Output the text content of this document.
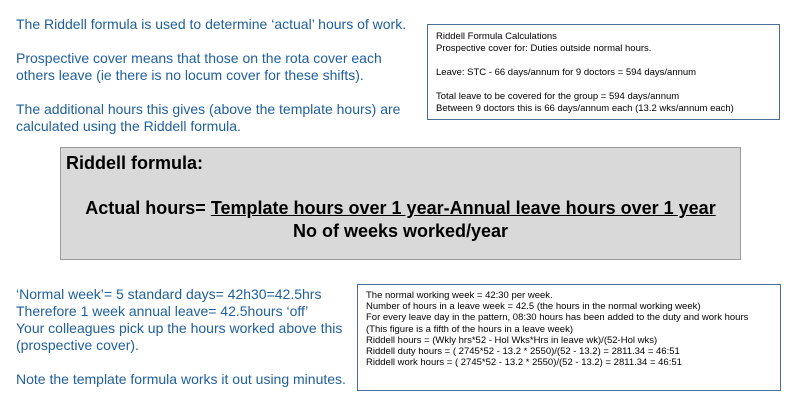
The Riddell formula is used to determine ‘actual’ hours of work.

Prospective cover means that those on the rota cover each others leave (ie there is no locum cover for these shifts).

The additional hours this gives (above the template hours) are calculated using the Riddell formula.

Riddell Formula Calculations
Prospective cover for: Duties outside normal hours.
Leave: STC - 66 days/annum for 9 doctors = 594 days/annum
Total leave to be covered for the group = 594 days/annum
Between 9 doctors this is 66 days/annum each (13.2 wks/annum each)
Riddell formula:
Actual hours= Template hours over 1 year-Annual leave hours over 1 year
No of weeks worked/year
‘Normal week’= 5 standard days= 42h30=42.5hrs
Therefore 1 week annual leave= 42.5hours ‘off’
Your colleagues pick up the hours worked above this (prospective cover).
Note the template formula works it out using minutes.
The normal working week = 42:30 per week.
Number of hours in a leave week = 42.5 (the hours in the normal working week)
For every leave day in the pattern, 08:30 hours has been added to the duty and work hours
(This figure is a fifth of the hours in a leave week)
Riddell hours = (Wkly hrs*52 - Hol Wks*Hrs in leave wk)/(52-Hol wks)
Riddell duty hours = ( 2745*52 - 13.2 * 2550)/(52 - 13.2) = 2811.34 = 46:51
Riddell work hours = ( 2745*52 - 13.2 * 2550)/(52 - 13.2) = 2811.34 = 46:51
